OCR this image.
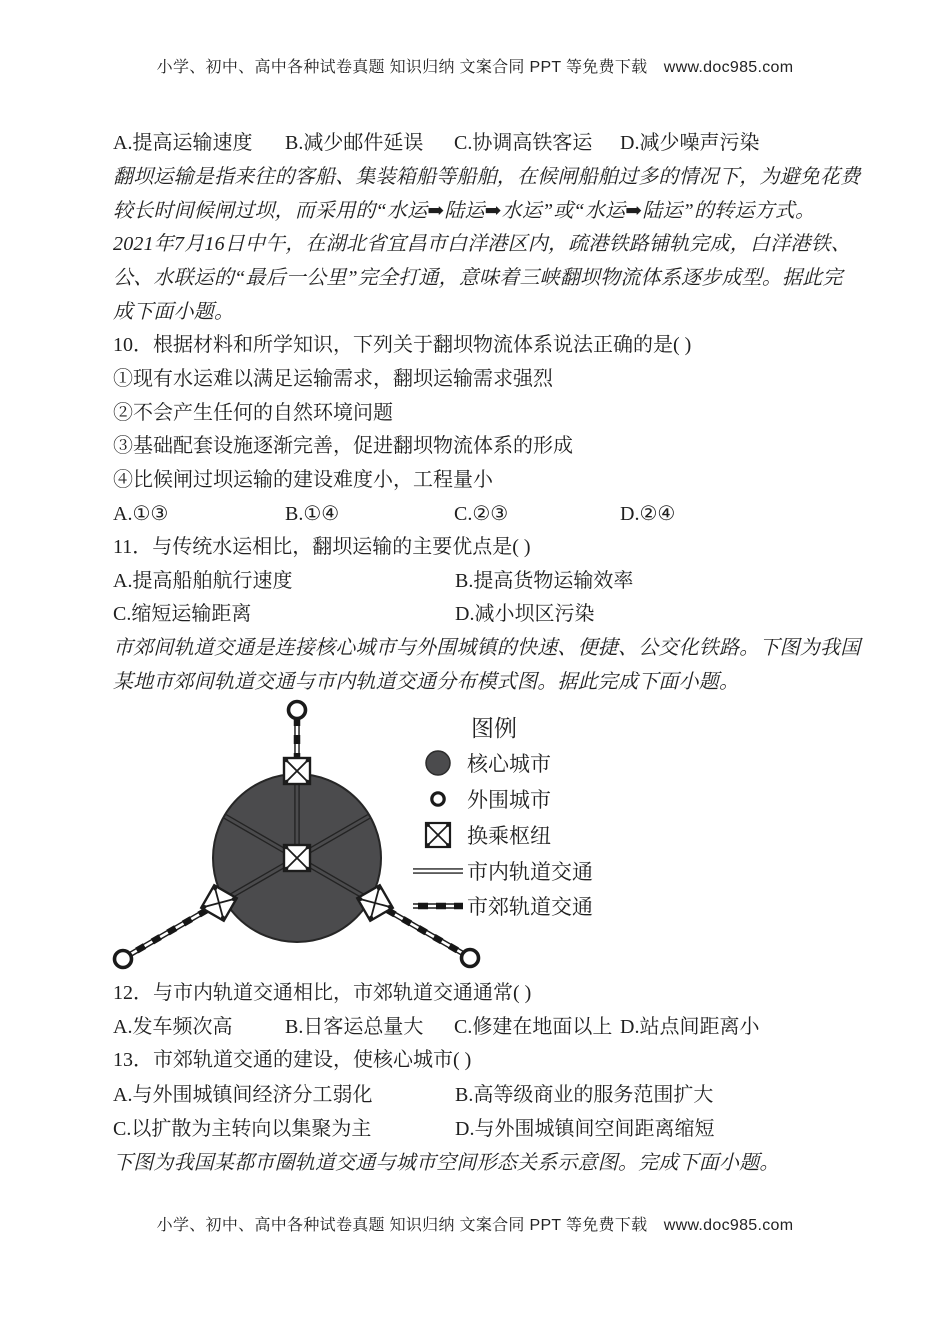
小学、初中、高中各种试卷真题 知识归纳 文案合同 PPT 等免费下载　www.doc985.com
A.提高运输速度 B.减少邮件延误 C.协调高铁客运 D.减少噪声污染
翻坝运输是指来往的客船、集装箱船等船舶，在候闸船舶过多的情况下，为避免花费
较长时间候闸过坝，而采用的“水运➡陆运➡水运”或“水运➡陆运”的转运方式。
2021年7月16日中午，在湖北省宜昌市白洋港区内，疏港铁路铺轨完成，白洋港铁、
公、水联运的“最后一公里”完全打通，意味着三峡翻坝物流体系逐步成型。据此完
成下面小题。
10．根据材料和所学知识，下列关于翻坝物流体系说法正确的是( )
①现有水运难以满足运输需求，翻坝运输需求强烈
②不会产生任何的自然环境问题
③基础配套设施逐渐完善，促进翻坝物流体系的形成
④比候闸过坝运输的建设难度小，工程量小
A.①③	B.①④	C.②③	D.②④
11．与传统水运相比，翻坝运输的主要优点是( )
A.提高船舶航行速度	B.提高货物运输效率
C.缩短运输距离	D.减小坝区污染
市郊间轨道交通是连接核心城市与外围城镇的快速、便捷、公交化铁路。下图为我国
某地市郊间轨道交通与市内轨道交通分布模式图。据此完成下面小题。
图例
核心城市
外围城市
换乘枢纽
市内轨道交通
市郊轨道交通
12．与市内轨道交通相比，市郊轨道交通通常( )
A.发车频次高	B.日客运总量大 C.修建在地面以上 D.站点间距离小
13．市郊轨道交通的建设，使核心城市( )
A.与外围城镇间经济分工弱化	B.高等级商业的服务范围扩大
C.以扩散为主转向以集聚为主	D.与外围城镇间空间距离缩短
下图为我国某都市圈轨道交通与城市空间形态关系示意图。完成下面小题。
小学、初中、高中各种试卷真题 知识归纳 文案合同 PPT 等免费下载　www.doc985.com
